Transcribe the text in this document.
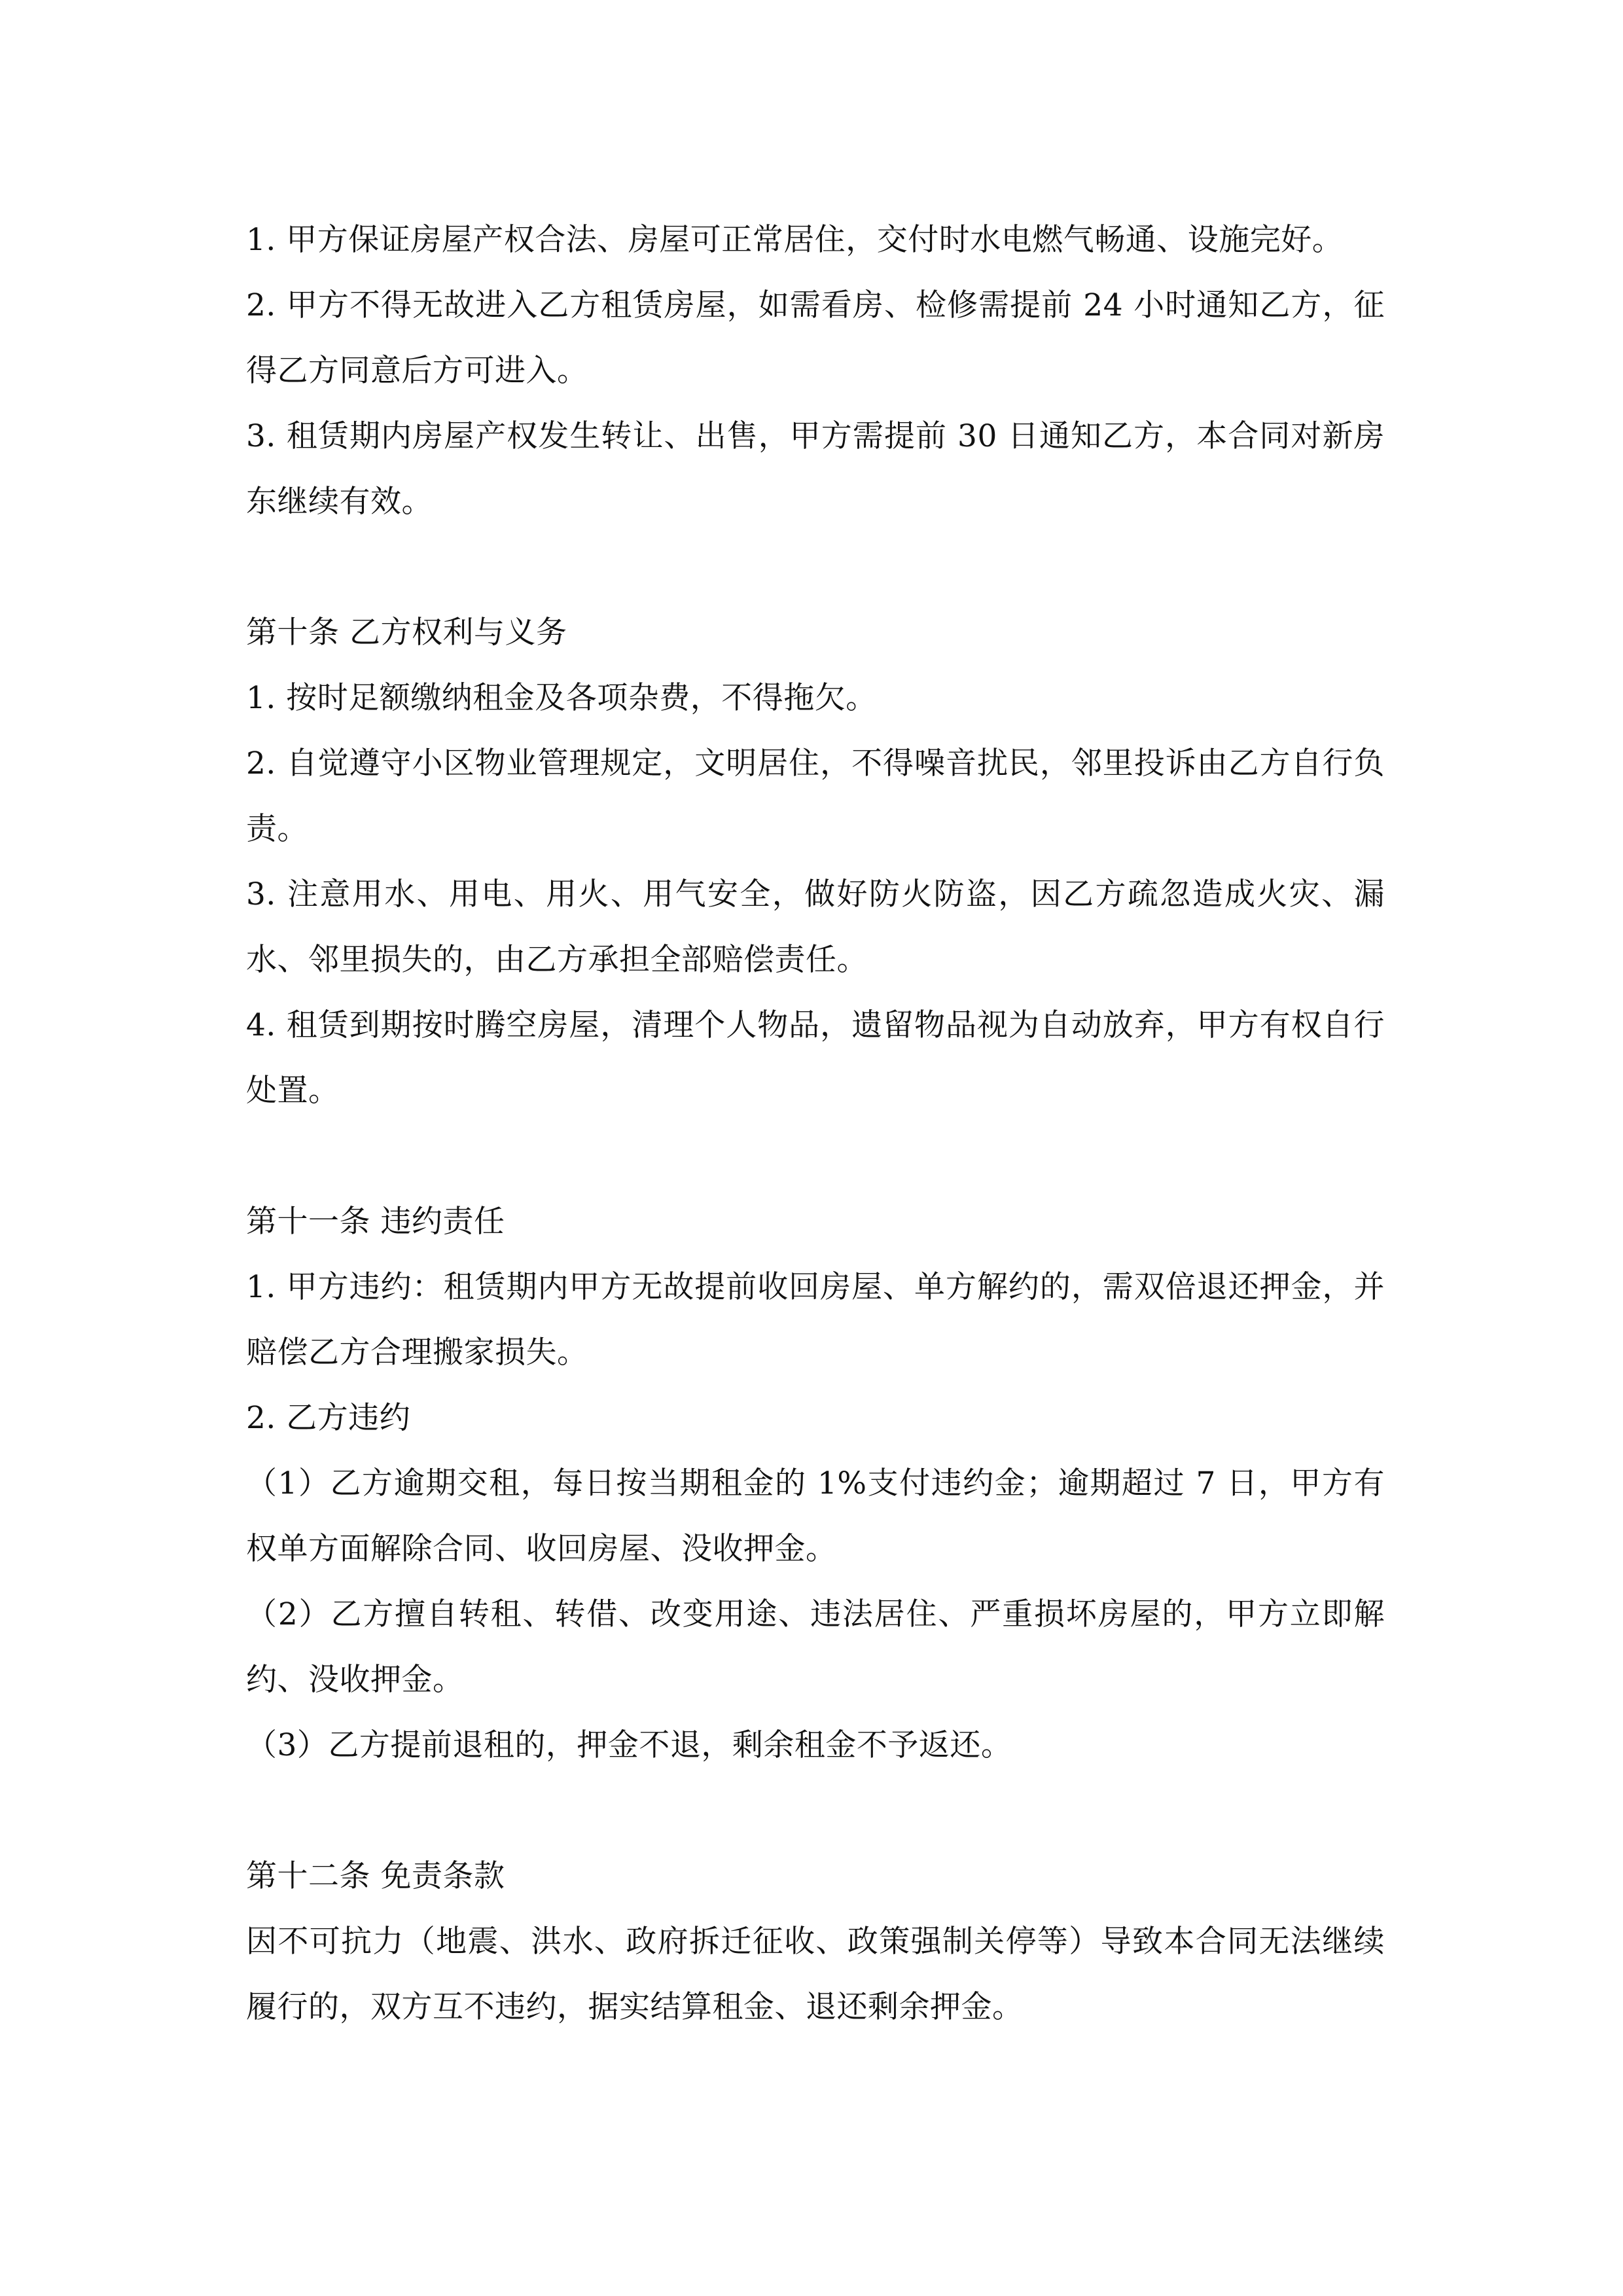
1. 甲方保证房屋产权合法、房屋可正常居住，交付时水电燃气畅通、设施完好。

2. 甲方不得无故进入乙方租赁房屋，如需看房、检修需提前 24 小时通知乙方，征得乙方同意后方可进入。

3. 租赁期内房屋产权发生转让、出售，甲方需提前 30 日通知乙方，本合同对新房东继续有效。

第十条 乙方权利与义务

1. 按时足额缴纳租金及各项杂费，不得拖欠。

2. 自觉遵守小区物业管理规定，文明居住，不得噪音扰民，邻里投诉由乙方自行负责。

3. 注意用水、用电、用火、用气安全，做好防火防盗，因乙方疏忽造成火灾、漏水、邻里损失的，由乙方承担全部赔偿责任。

4. 租赁到期按时腾空房屋，清理个人物品，遗留物品视为自动放弃，甲方有权自行处置。

第十一条 违约责任

1. 甲方违约：租赁期内甲方无故提前收回房屋、单方解约的，需双倍退还押金，并赔偿乙方合理搬家损失。

2. 乙方违约

（1）乙方逾期交租，每日按当期租金的 1%支付违约金；逾期超过 7 日，甲方有权单方面解除合同、收回房屋、没收押金。

（2）乙方擅自转租、转借、改变用途、违法居住、严重损坏房屋的，甲方立即解约、没收押金。

（3）乙方提前退租的，押金不退，剩余租金不予返还。

第十二条 免责条款

因不可抗力（地震、洪水、政府拆迁征收、政策强制关停等）导致本合同无法继续履行的，双方互不违约，据实结算租金、退还剩余押金。
